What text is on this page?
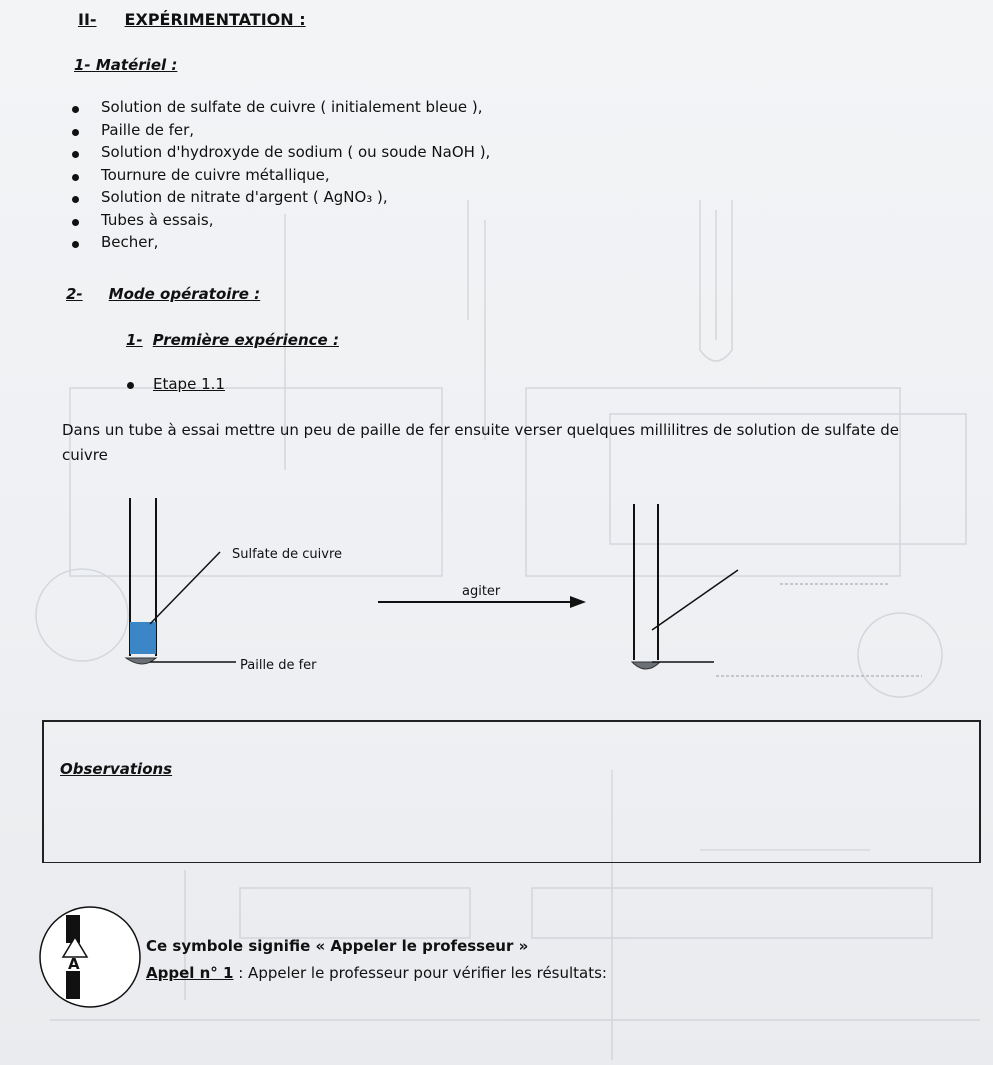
II- EXPÉRIMENTATION :
1- Matériel :
Solution de sulfate de cuivre ( initialement bleue ),
Paille de fer,
Solution d'hydroxyde de sodium ( ou soude NaOH ),
Tournure de cuivre métallique,
Solution de nitrate d'argent ( AgNO₃ ),
Tubes à essais,
Becher,
2- Mode opératoire :
1- Première expérience :
Etape 1.1
Dans un tube à essai mettre un peu de paille de fer ensuite verser quelques millilitres de solution de sulfate de cuivre
Sulfate de cuivre
Paille de fer
agiter
Observations
A
Ce symbole signifie « Appeler le professeur »
Appel n° 1 : Appeler le professeur pour vérifier les résultats:
